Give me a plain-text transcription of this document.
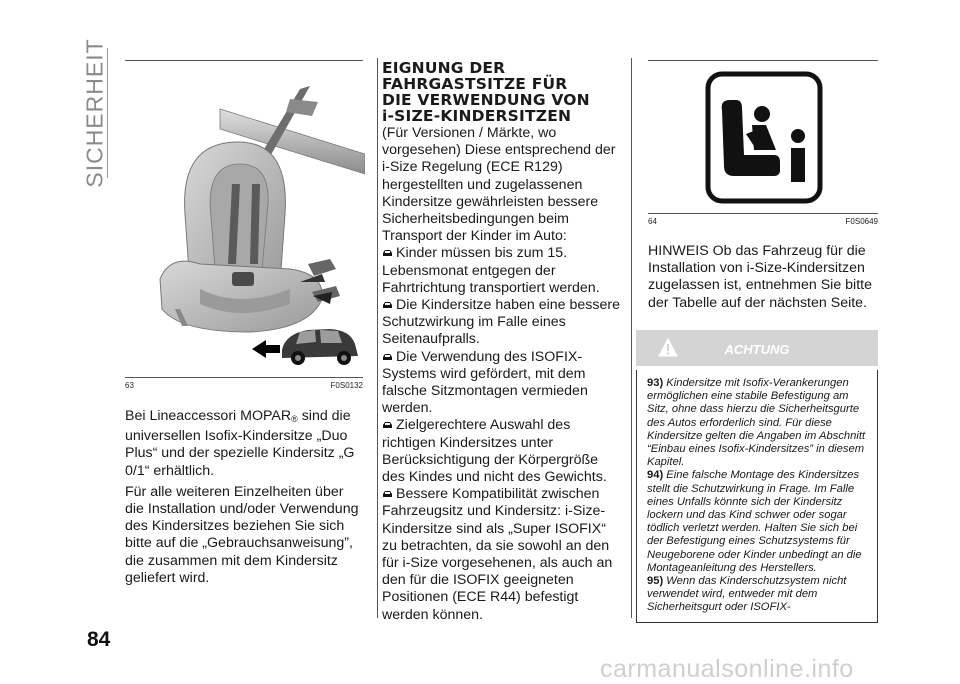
SICHERHEIT
63	F0S0132

Bei Lineaccessori MOPAR® sind die universellen Isofix-Kindersitze „Duo Plus“ und der spezielle Kindersitz „G 0/1“ erhältlich.

Für alle weiteren Einzelheiten über die Installation und/oder Verwendung des Kindersitzes beziehen Sie sich bitte auf die „Gebrauchsanweisung”, die zusammen mit dem Kindersitz geliefert wird.

EIGNUNG DER
FAHRGASTSITZE FÜR
DIE VERWENDUNG VON
i-SIZE-KINDERSITZEN

(Für Versionen / Märkte, wo vorgesehen) Diese entsprechend der i-Size Regelung (ECE R129) hergestellten und zugelassenen Kindersitze gewährleisten bessere Sicherheitsbedingungen beim Transport der Kinder im Auto:

Kinder müssen bis zum 15. Lebensmonat entgegen der Fahrtrichtung transportiert werden.

Die Kindersitze haben eine bessere Schutzwirkung im Falle eines Seitenaufpralls.

Die Verwendung des ISOFIX-Systems wird gefördert, mit dem falsche Sitzmontagen vermieden werden.

Zielgerechtere Auswahl des richtigen Kindersitzes unter Berücksichtigung der Körpergröße des Kindes und nicht des Gewichts.

Bessere Kompatibilität zwischen Fahrzeugsitz und Kindersitz: i-Size-Kindersitze sind als „Super ISOFIX“ zu betrachten, da sie sowohl an den für i-Size vorgesehenen, als auch an den für die ISOFIX geeigneten Positionen (ECE R44) befestigt werden können.

64	F0S0649
HINWEIS Ob das Fahrzeug für die Installation von i-Size-Kindersitzen zugelassen ist, entnehmen Sie bitte der Tabelle auf der nächsten Seite.
ACHTUNG

93) Kindersitze mit Isofix-Verankerungen ermöglichen eine stabile Befestigung am Sitz, ohne dass hierzu die Sicherheitsgurte des Autos erforderlich sind. Für diese Kindersitze gelten die Angaben im Abschnitt “Einbau eines Isofix-Kindersitzes” in diesem Kapitel.

94) Eine falsche Montage des Kindersitzes stellt die Schutzwirkung in Frage. Im Falle eines Unfalls könnte sich der Kindersitz lockern und das Kind schwer oder sogar tödlich verletzt werden. Halten Sie sich bei der Befestigung eines Schutzsystems für Neugeborene oder Kinder unbedingt an die Montageanleitung des Herstellers.

95) Wenn das Kinderschutzsystem nicht verwendet wird, entweder mit dem Sicherheitsgurt oder ISOFIX-

84
carmanualsonline.info
